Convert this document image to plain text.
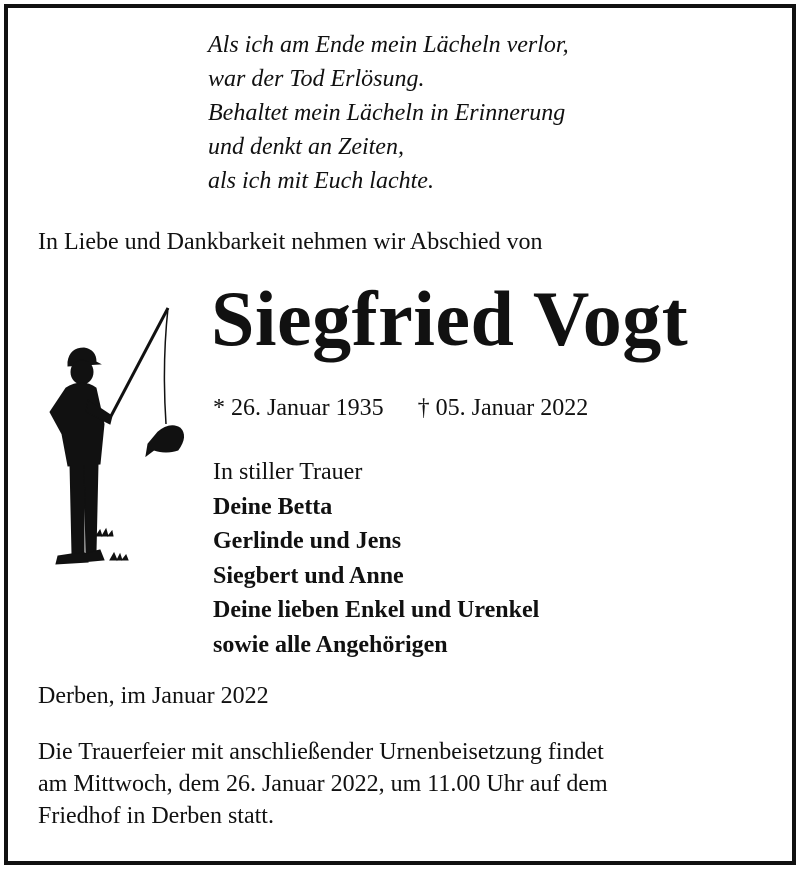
Als ich am Ende mein Lächeln verlor,
war der Tod Erlösung.
Behaltet mein Lächeln in Erinnerung
und denkt an Zeiten,
als ich mit Euch lachte.
In Liebe und Dankbarkeit nehmen wir Abschied von
Siegfried Vogt
* 26. Januar 1935 † 05. Januar 2022
In stiller Trauer
Deine Betta
Gerlinde und Jens
Siegbert und Anne
Deine lieben Enkel und Urenkel
sowie alle Angehörigen
Derben, im Januar 2022
Die Trauerfeier mit anschließender Urnenbeisetzung findet
am Mittwoch, dem 26. Januar 2022, um 11.00 Uhr auf dem
Friedhof in Derben statt.
